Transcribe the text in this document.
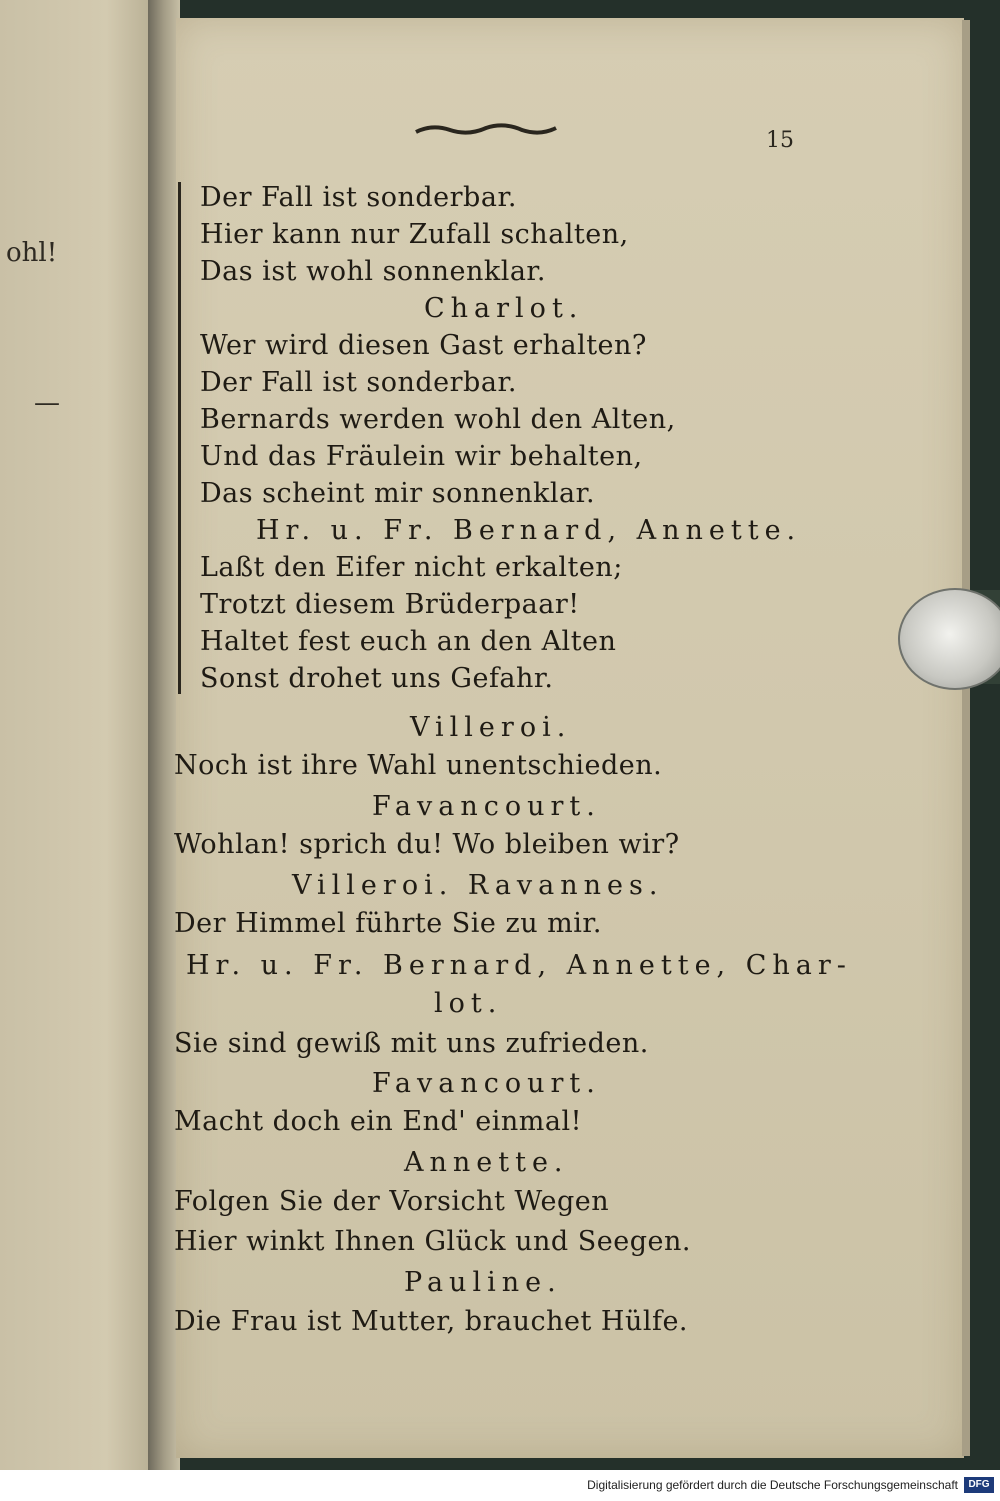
ohl!
—
15
Der Fall ist sonderbar.
Hier kann nur Zufall schalten,
Das ist wohl sonnenklar.
Charlot.
Wer wird diesen Gast erhalten?
Der Fall ist sonderbar.
Bernards werden wohl den Alten,
Und das Fräulein wir behalten,
Das scheint mir sonnenklar.
Hr. u. Fr. Bernard, Annette.
Laßt den Eifer nicht erkalten;
Trotzt diesem Brüderpaar!
Haltet fest euch an den Alten
Sonst drohet uns Gefahr.
Villeroi.
Noch ist ihre Wahl unentschieden.
Favancourt.
Wohlan! sprich du! Wo bleiben wir?
Villeroi. Ravannes.
Der Himmel führte Sie zu mir.
Hr. u. Fr. Bernard, Annette, Char-
lot.
Sie sind gewiß mit uns zufrieden.
Favancourt.
Macht doch ein End' einmal!
Annette.
Folgen Sie der Vorsicht Wegen
Hier winkt Ihnen Glück und Seegen.
Pauline.
Die Frau ist Mutter, brauchet Hülfe.
Digitalisierung gefördert durch die Deutsche Forschungsgemeinschaft	DFG
